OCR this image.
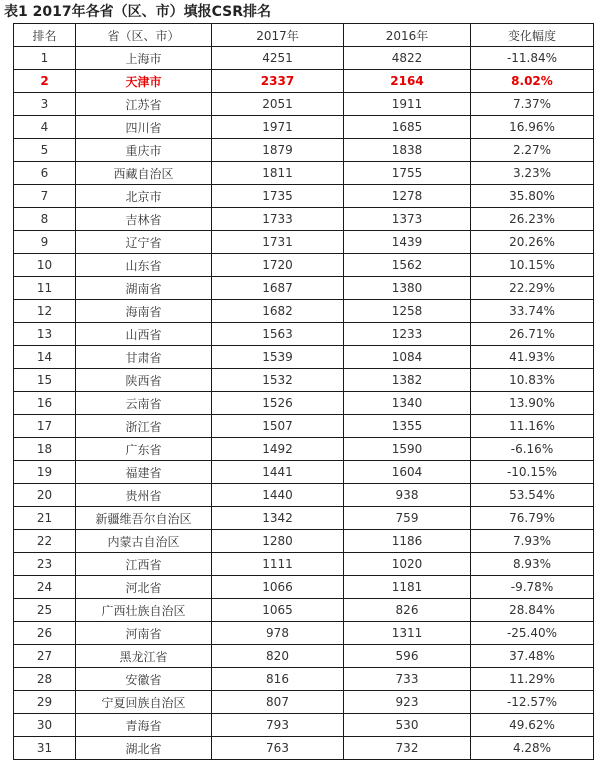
表1 2017年各省（区、市）填报CSR排名
排名	省（区、市）	2017年	2016年	变化幅度
1	上海市	4251	4822	-11.84%
2	天津市	2337	2164	8.02%
3	江苏省	2051	1911	7.37%
4	四川省	1971	1685	16.96%
5	重庆市	1879	1838	2.27%
6	西藏自治区	1811	1755	3.23%
7	北京市	1735	1278	35.80%
8	吉林省	1733	1373	26.23%
9	辽宁省	1731	1439	20.26%
10	山东省	1720	1562	10.15%
11	湖南省	1687	1380	22.29%
12	海南省	1682	1258	33.74%
13	山西省	1563	1233	26.71%
14	甘肃省	1539	1084	41.93%
15	陕西省	1532	1382	10.83%
16	云南省	1526	1340	13.90%
17	浙江省	1507	1355	11.16%
18	广东省	1492	1590	-6.16%
19	福建省	1441	1604	-10.15%
20	贵州省	1440	938	53.54%
21	新疆维吾尔自治区	1342	759	76.79%
22	内蒙古自治区	1280	1186	7.93%
23	江西省	1111	1020	8.93%
24	河北省	1066	1181	-9.78%
25	广西壮族自治区	1065	826	28.84%
26	河南省	978	1311	-25.40%
27	黑龙江省	820	596	37.48%
28	安徽省	816	733	11.29%
29	宁夏回族自治区	807	923	-12.57%
30	青海省	793	530	49.62%
31	湖北省	763	732	4.28%
